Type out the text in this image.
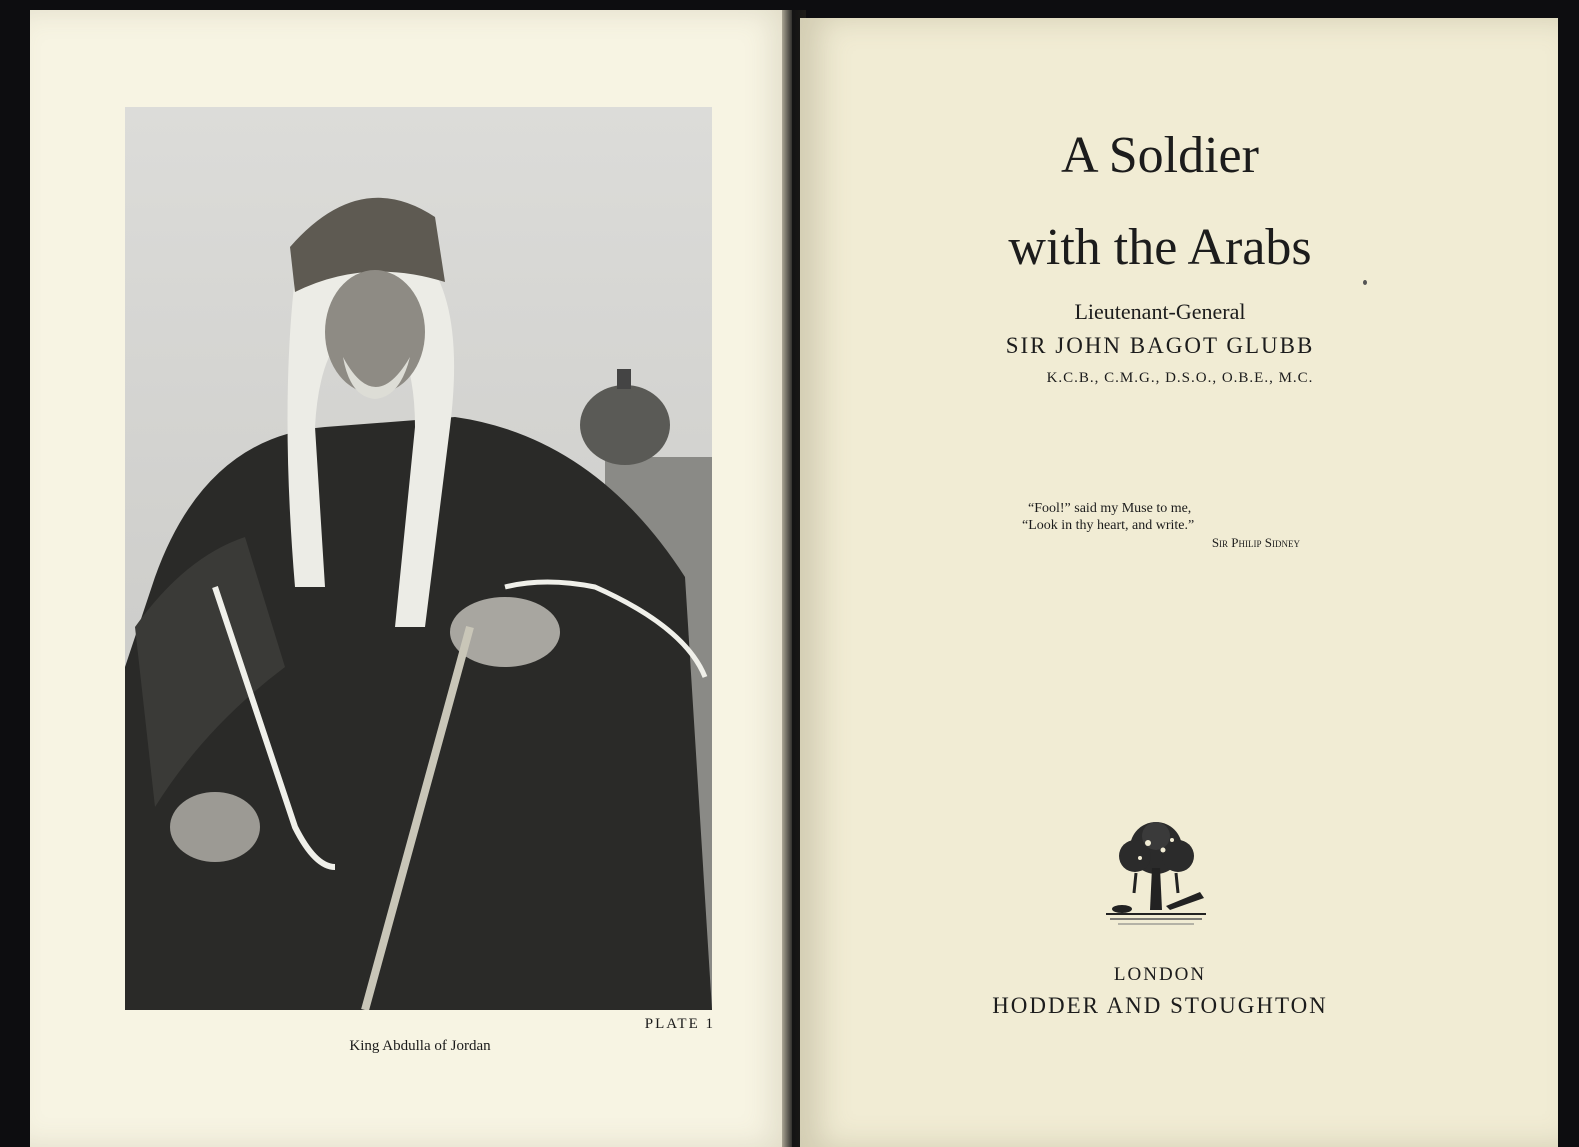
PLATE 1
King Abdulla of Jordan
A Soldier
with the Arabs
Lieutenant-General
SIR JOHN BAGOT GLUBB
K.C.B., C.M.G., D.S.O., O.B.E., M.C.
“Fool!” said my Muse to me,
“Look in thy heart, and write.”
Sir Philip Sidney
LONDON
HODDER AND STOUGHTON
